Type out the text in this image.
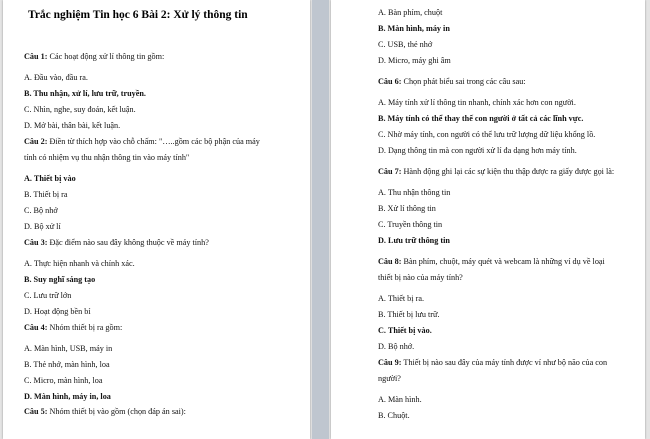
Trắc nghiệm Tin học 6 Bài 2: Xử lý thông tin
Câu 1: Các hoạt động xử lí thông tin gồm:
A. Đầu vào, đầu ra.
B. Thu nhận, xử lí, lưu trữ, truyền.
C. Nhìn, nghe, suy đoán, kết luận.
D. Mở bài, thân bài, kết luận.
Câu 2: Điền từ thích hợp vào chỗ chấm: "…..gồm các bộ phận của máy
tính có nhiệm vụ thu nhận thông tin vào máy tính"
A. Thiết bị vào
B. Thiết bị ra
C. Bộ nhớ
D. Bộ xử lí
Câu 3: Đặc điểm nào sau đây không thuộc về máy tính?
A. Thực hiện nhanh và chính xác.
B. Suy nghĩ sáng tạo
C. Lưu trữ lớn
D. Hoạt động bền bỉ
Câu 4: Nhóm thiết bị ra gồm:
A. Màn hình, USB, máy in
B. Thẻ nhớ, màn hình, loa
C. Micro, màn hình, loa
D. Màn hình, máy in, loa
Câu 5: Nhóm thiết bị vào gồm (chọn đáp án sai):
A. Bàn phím, chuột
B. Màn hình, máy in
C. USB, thẻ nhớ
D. Micro, máy ghi âm
Câu 6: Chọn phát biểu sai trong các câu sau:
A. Máy tính xử lí thông tin nhanh, chính xác hơn con người.
B. Máy tính có thể thay thế con người ở tất cả các lĩnh vực.
C. Nhờ máy tính, con người có thể lưu trữ lượng dữ liệu khổng lồ.
D. Dạng thông tin mà con người xử lí đa dạng hơn máy tính.
Câu 7: Hành động ghi lại các sự kiện thu thập được ra giấy được gọi là:
A. Thu nhận thông tin
B. Xử lí thông tin
C. Truyền thông tin
D. Lưu trữ thông tin
Câu 8: Bàn phím, chuột, máy quét và webcam là những ví dụ về loại
thiết bị nào của máy tính?
A. Thiết bị ra.
B. Thiết bị lưu trữ.
C. Thiết bị vào.
D. Bộ nhớ.
Câu 9: Thiết bị nào sau đây của máy tính được ví như bộ não của con
người?
A. Màn hình.
B. Chuột.
